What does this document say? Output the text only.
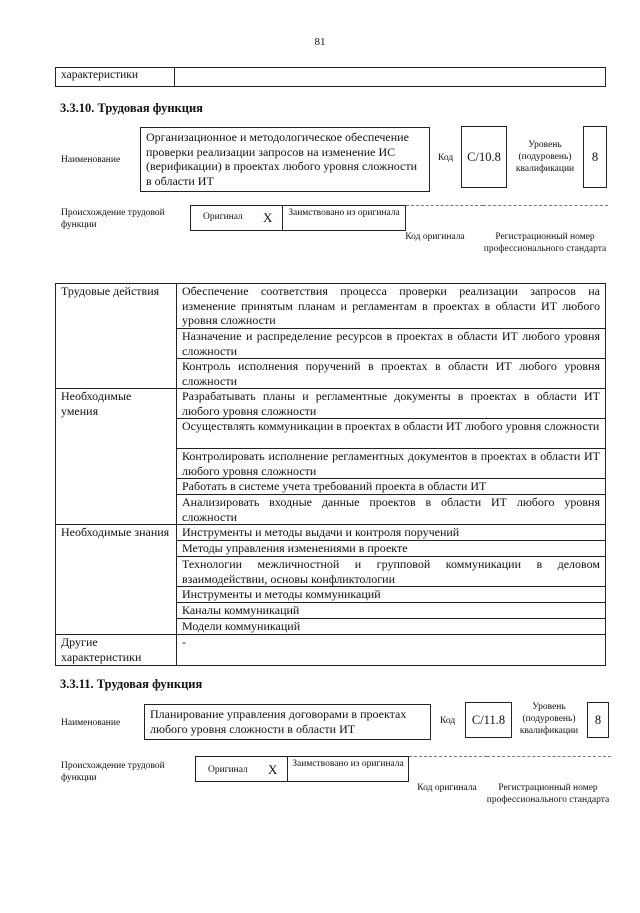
81
характеристики	
3.3.10. Трудовая функция
Наименование
Организационное и методологическое обеспечение проверки реализации запросов на изменение ИС (верификации) в проектах любого уровня сложности в области ИТ
Код	C/10.8
Уровень (подуровень) квалификации
8
Происхождение трудовой функции
Оригинал X	Заимствовано из оригинала
Код оригинала	Регистрационный номер профессионального стандарта
Трудовые действия	Обеспечение соответствия процесса проверки реализации запросов на изменение принятым планам и регламентам в проектах в области ИТ любого уровня сложности
	Назначение и распределение ресурсов в проектах в области ИТ любого уровня сложности
	Контроль исполнения поручений в проектах в области ИТ любого уровня сложности
Необходимые умения	Разрабатывать планы и регламентные документы в проектах в области ИТ любого уровня сложности
	Осуществлять коммуникации в проектах в области ИТ любого уровня сложности
	Контролировать исполнение регламентных документов в проектах в области ИТ любого уровня сложности
	Работать в системе учета требований проекта в области ИТ
	Анализировать входные данные проектов в области ИТ любого уровня сложности
Необходимые знания	Инструменты и методы выдачи и контроля поручений
	Методы управления изменениями в проекте
	Технологии межличностной и групповой коммуникации в деловом взаимодействии, основы конфликтологии
	Инструменты и методы коммуникаций
	Каналы коммуникаций
	Модели коммуникаций
Другие характеристики	-
3.3.11. Трудовая функция
Наименование
Планирование управления договорами в проектах любого уровня сложности в области ИТ
Код	C/11.8
Уровень (подуровень) квалификации
8
Происхождение трудовой функции
Оригинал X	Заимствовано из оригинала
Код оригинала	Регистрационный номер профессионального стандарта
